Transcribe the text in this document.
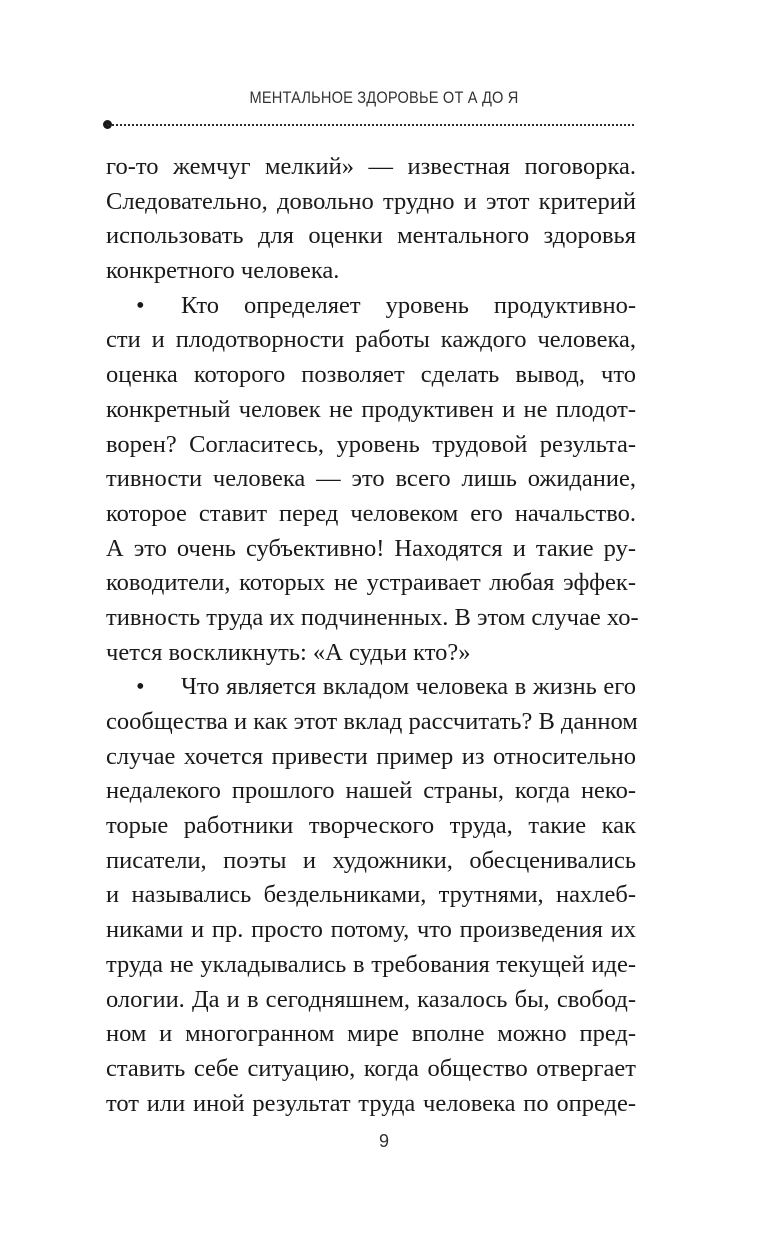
МЕНТАЛЬНОЕ ЗДОРОВЬЕ ОТ А ДО Я
го-то жемчуг мелкий» — известная поговорка.
Следовательно, довольно трудно и этот критерий
использовать для оценки ментального здоровья
конкретного человека.
•	Кто определяет уровень продуктивно-
сти и плодотворности работы каждого человека,
оценка которого позволяет сделать вывод, что
конкретный человек не продуктивен и не плодот-
ворен? Согласитесь, уровень трудовой результа-
тивности человека — это всего лишь ожидание,
которое ставит перед человеком его начальство.
А это очень субъективно! Находятся и такие ру-
ководители, которых не устраивает любая эффек-
тивность труда их подчиненных. В этом случае хо-
чется воскликнуть: «А судьи кто?»
•	Что является вкладом человека в жизнь его
сообщества и как этот вклад рассчитать? В данном
случае хочется привести пример из относительно
недалекого прошлого нашей страны, когда неко-
торые работники творческого труда, такие как
писатели, поэты и художники, обесценивались
и назывались бездельниками, трутнями, нахлеб-
никами и пр. просто потому, что произведения их
труда не укладывались в требования текущей иде-
ологии. Да и в сегодняшнем, казалось бы, свобод-
ном и многогранном мире вполне можно пред-
ставить себе ситуацию, когда общество отвергает
тот или иной результат труда человека по опреде-
9
